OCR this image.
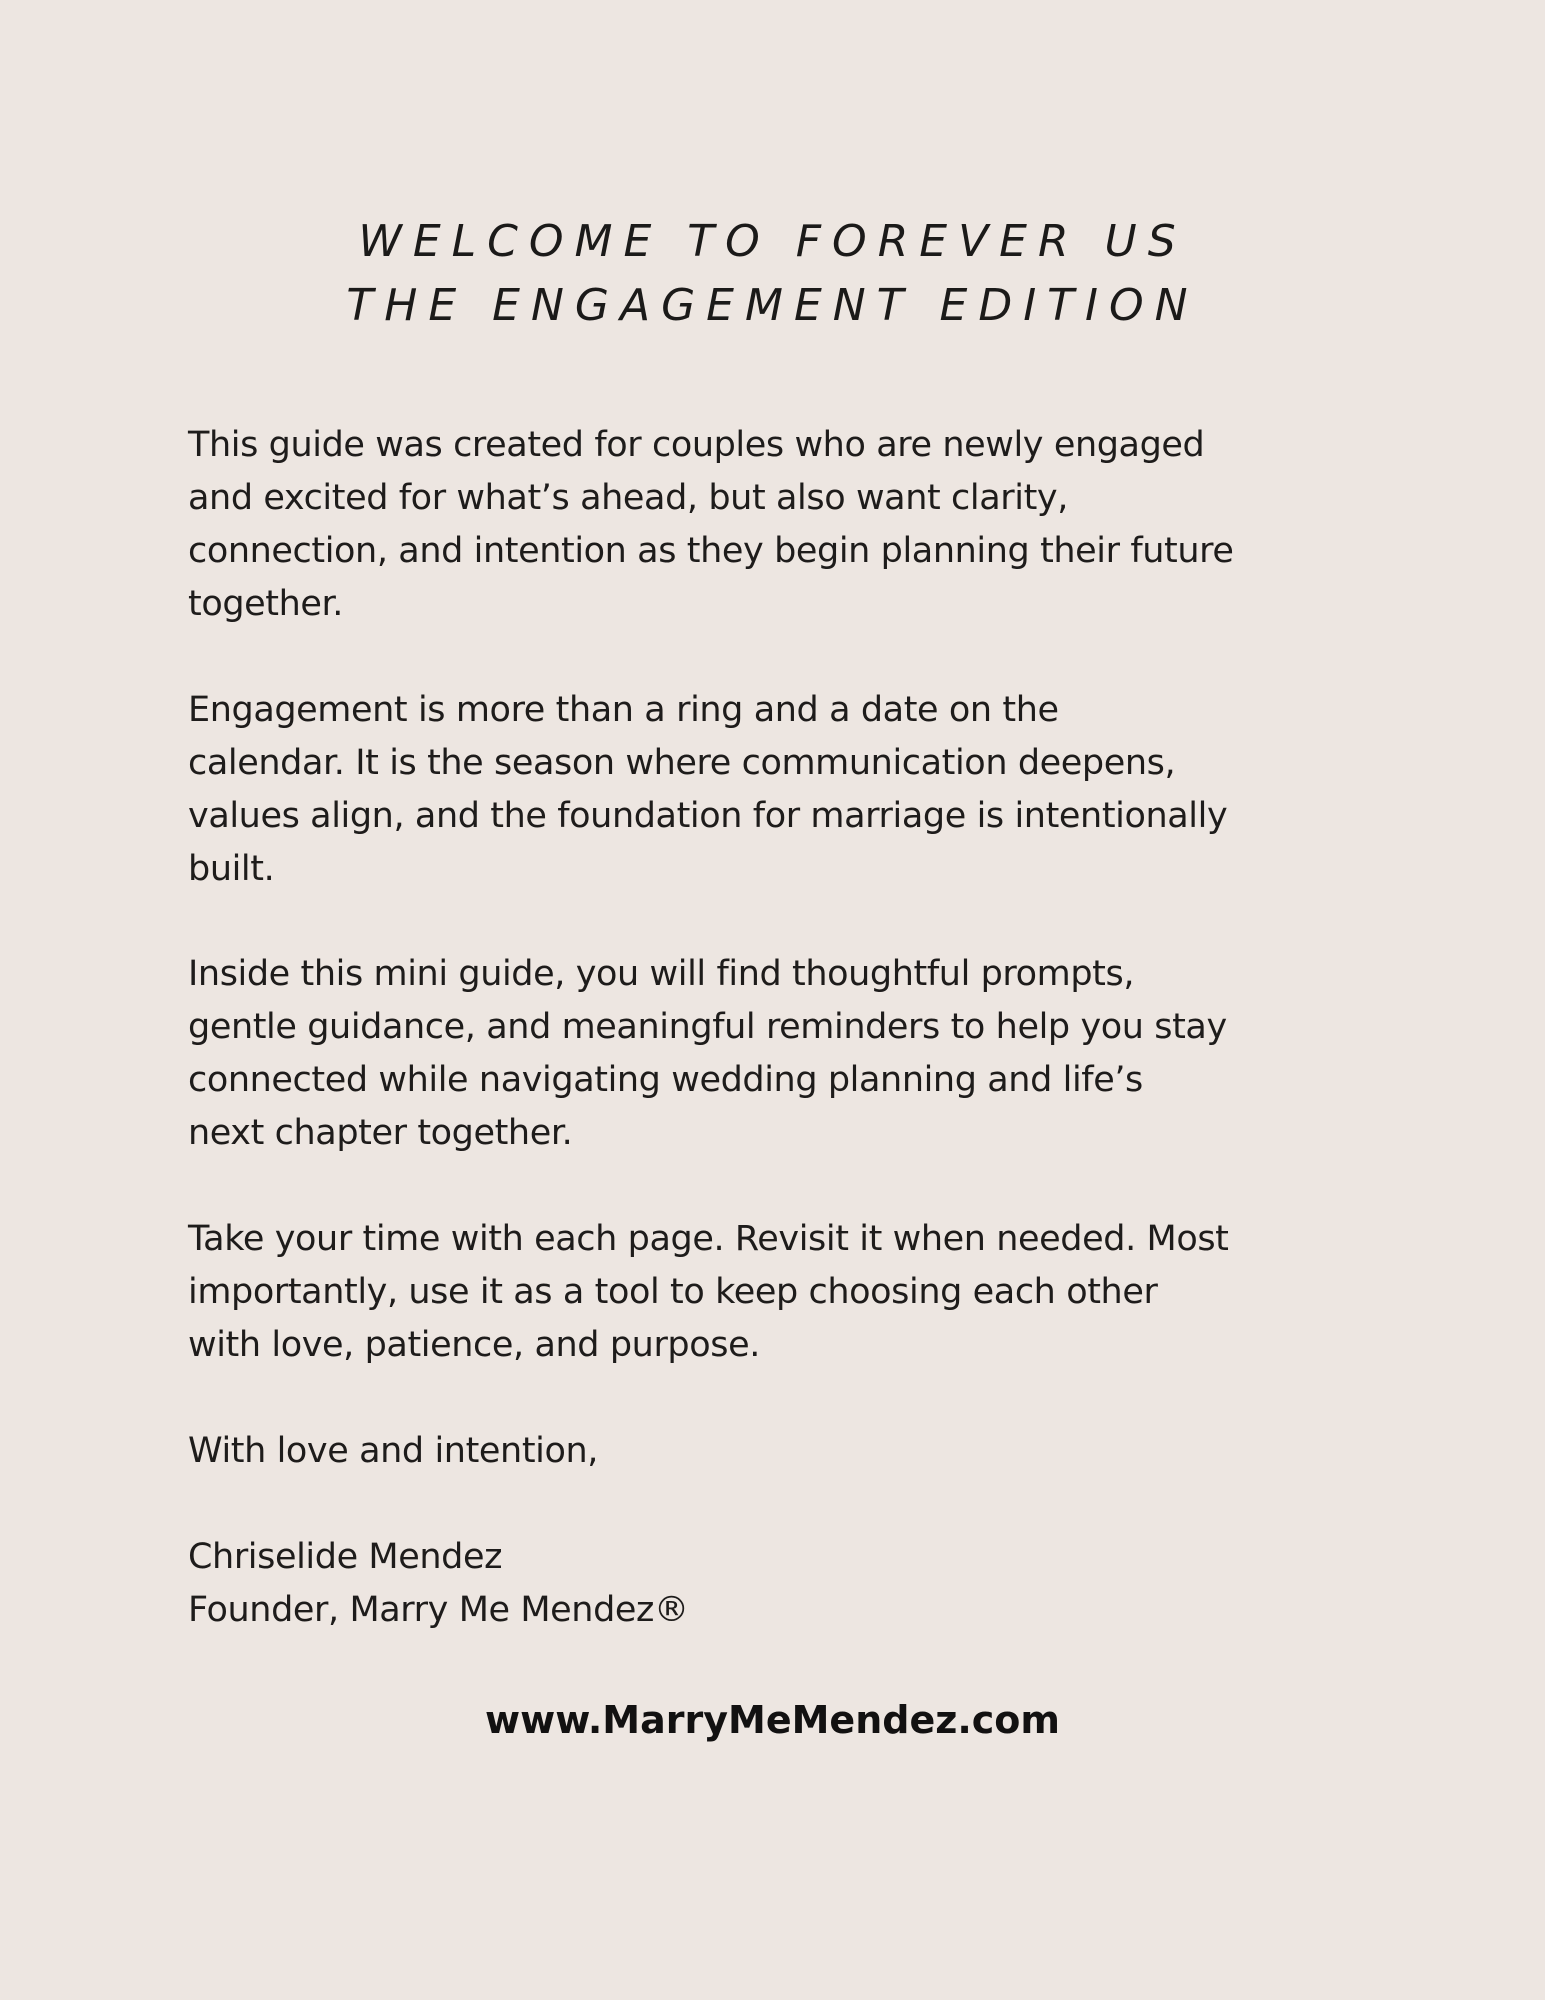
WELCOME TO FOREVER US
THE ENGAGEMENT EDITION

This guide was created for couples who are newly engaged
and excited for what’s ahead, but also want clarity,
connection, and intention as they begin planning their future
together.

Engagement is more than a ring and a date on the
calendar. It is the season where communication deepens,
values align, and the foundation for marriage is intentionally
built.

Inside this mini guide, you will find thoughtful prompts,
gentle guidance, and meaningful reminders to help you stay
connected while navigating wedding planning and life’s
next chapter together.

Take your time with each page. Revisit it when needed. Most
importantly, use it as a tool to keep choosing each other
with love, patience, and purpose.

With love and intention,

Chriselide Mendez

Founder, Marry Me Mendez®

www.MarryMeMendez.com
